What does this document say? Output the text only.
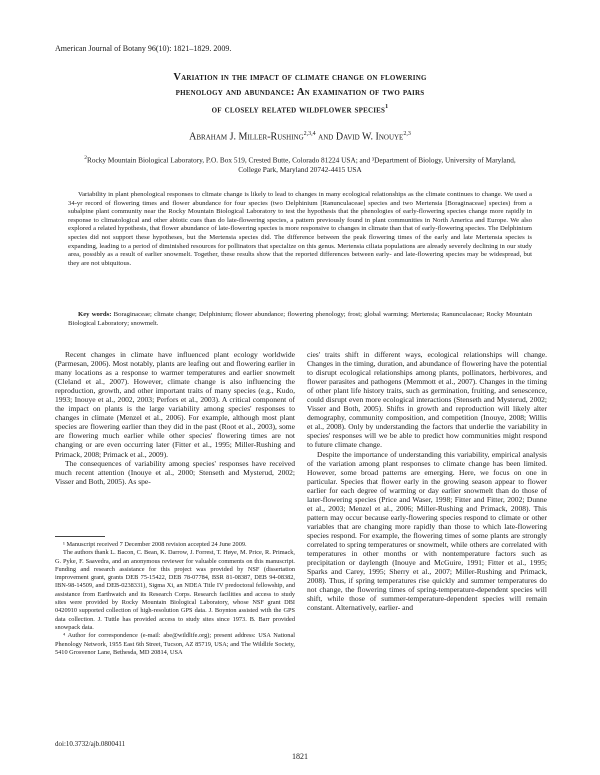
American Journal of Botany 96(10): 1821–1829. 2009.
Variation in the impact of climate change on flowering
phenology and abundance: An examination of two pairs
of closely related wildflower species$^1$
Abraham J. Miller-Rushing$^{2,3,4}$ and David W. Inouye$^{2,3}$
$^2$Rocky Mountain Biological Laboratory, P.O. Box 519, Crested Butte, Colorado 81224 USA; and ³Department of Biology, University of Maryland, College Park, Maryland 20742-4415 USA

Variability in plant phenological responses to climate change is likely to lead to changes in many ecological relationships as the climate continues to change. We used a 34-yr record of flowering times and flower abundance for four species (two Delphinium [Ranunculaceae] species and two Mertensia [Boraginaceae] species) from a subalpine plant community near the Rocky Mountain Biological Laboratory to test the hypothesis that the phenologies of early-flowering species change more rapidly in response to climatological and other abiotic cues than do late-flowering species, a pattern previously found in plant communities in North America and Europe. We also explored a related hypothesis, that flower abundance of late-flowering species is more responsive to changes in climate than that of early-flowering species. The Delphinium species did not support these hypotheses, but the Mertensia species did. The difference between the peak flowering times of the early and late Mertensia species is expanding, leading to a period of diminished resources for pollinators that specialize on this genus. Mertensia ciliata populations are already severely declining in our study area, possibly as a result of earlier snowmelt. Together, these results show that the reported differences between early- and late-flowering species may be widespread, but they are not ubiquitous.

Key words: Boraginaceae; climate change; Delphinium; flower abundance; flowering phenology; frost; global warming; Mertensia; Ranunculaceae; Rocky Mountain Biological Laboratory; snowmelt.

Recent changes in climate have influenced plant ecology worldwide (Parmesan, 2006). Most notably, plants are leafing out and flowering earlier in many locations as a response to warmer temperatures and earlier snowmelt (Cleland et al., 2007). However, climate change is also influencing the reproduction, growth, and other important traits of many species (e.g., Kudo, 1993; Inouye et al., 2002, 2003; Perfors et al., 2003). A critical component of the impact on plants is the large variability among species' responses to changes in climate (Menzel et al., 2006). For example, although most plant species are flowering earlier than they did in the past (Root et al., 2003), some are flowering much earlier while other species' flowering times are not changing or are even occurring later (Fitter et al., 1995; Miller-Rushing and Primack, 2008; Primack et al., 2009).

The consequences of variability among species' responses have received much recent attention (Inouye et al., 2000; Stenseth and Mysterud, 2002; Visser and Both, 2005). As spe-

¹ Manuscript received 7 December 2008 revision accepted 24 June 2009.

The authors thank L. Bacon, C. Bean, K. Darrow, J. Forrest, T. Høye, M. Price, R. Primack, G. Pyke, F. Saavedra, and an anonymous reviewer for valuable comments on this manuscript. Funding and research assistance for this project was provided by NSF (dissertation improvement grant, grants DEB 75-15422, DEB 78-07784, BSR 81-08387, DEB 94-08382, IBN-98-14509, and DEB-0238331), Sigma Xi, an NDEA Title IV predoctoral fellowship, and assistance from Earthwatch and its Research Corps. Research facilities and access to study sites were provided by Rocky Mountain Biological Laboratory, whose NSF grant DBI 0420910 supported collection of high-resolution GPS data. J. Boynton assisted with the GPS data collection. J. Tuttle has provided access to study sites since 1973. B. Barr provided snowpack data.

⁴ Author for correspondence (e-mail: abe@wildlife.org); present address: USA National Phenology Network, 1955 East 6th Street, Tucson, AZ 85719, USA; and The Wildlife Society, 5410 Grosvenor Lane, Bethesda, MD 20814, USA

doi:10.3732/ajb.0800411

cies' traits shift in different ways, ecological relationships will change. Changes in the timing, duration, and abundance of flowering have the potential to disrupt ecological relationships among plants, pollinators, herbivores, and flower parasites and pathogens (Memmott et al., 2007). Changes in the timing of other plant life history traits, such as germination, fruiting, and senescence, could disrupt even more ecological interactions (Stenseth and Mysterud, 2002; Visser and Both, 2005). Shifts in growth and reproduction will likely alter demography, community composition, and competition (Inouye, 2008; Willis et al., 2008). Only by understanding the factors that underlie the variability in species' responses will we be able to predict how communities might respond to future climate change.

Despite the importance of understanding this variability, empirical analysis of the variation among plant responses to climate change has been limited. However, some broad patterns are emerging. Here, we focus on one in particular. Species that flower early in the growing season appear to flower earlier for each degree of warming or day earlier snowmelt than do those of later-flowering species (Price and Waser, 1998; Fitter and Fitter, 2002; Dunne et al., 2003; Menzel et al., 2006; Miller-Rushing and Primack, 2008). This pattern may occur because early-flowering species respond to climate or other variables that are changing more rapidly than those to which late-flowering species respond. For example, the flowering times of some plants are strongly correlated to spring temperatures or snowmelt, while others are correlated with temperatures in other months or with nontemperature factors such as precipitation or daylength (Inouye and McGuire, 1991; Fitter et al., 1995; Sparks and Carey, 1995; Sherry et al., 2007; Miller-Rushing and Primack, 2008). Thus, if spring temperatures rise quickly and summer temperatures do not change, the flowering times of spring-temperature-dependent species will shift, while those of summer-temperature-dependent species will remain constant. Alternatively, earlier- and

1821
